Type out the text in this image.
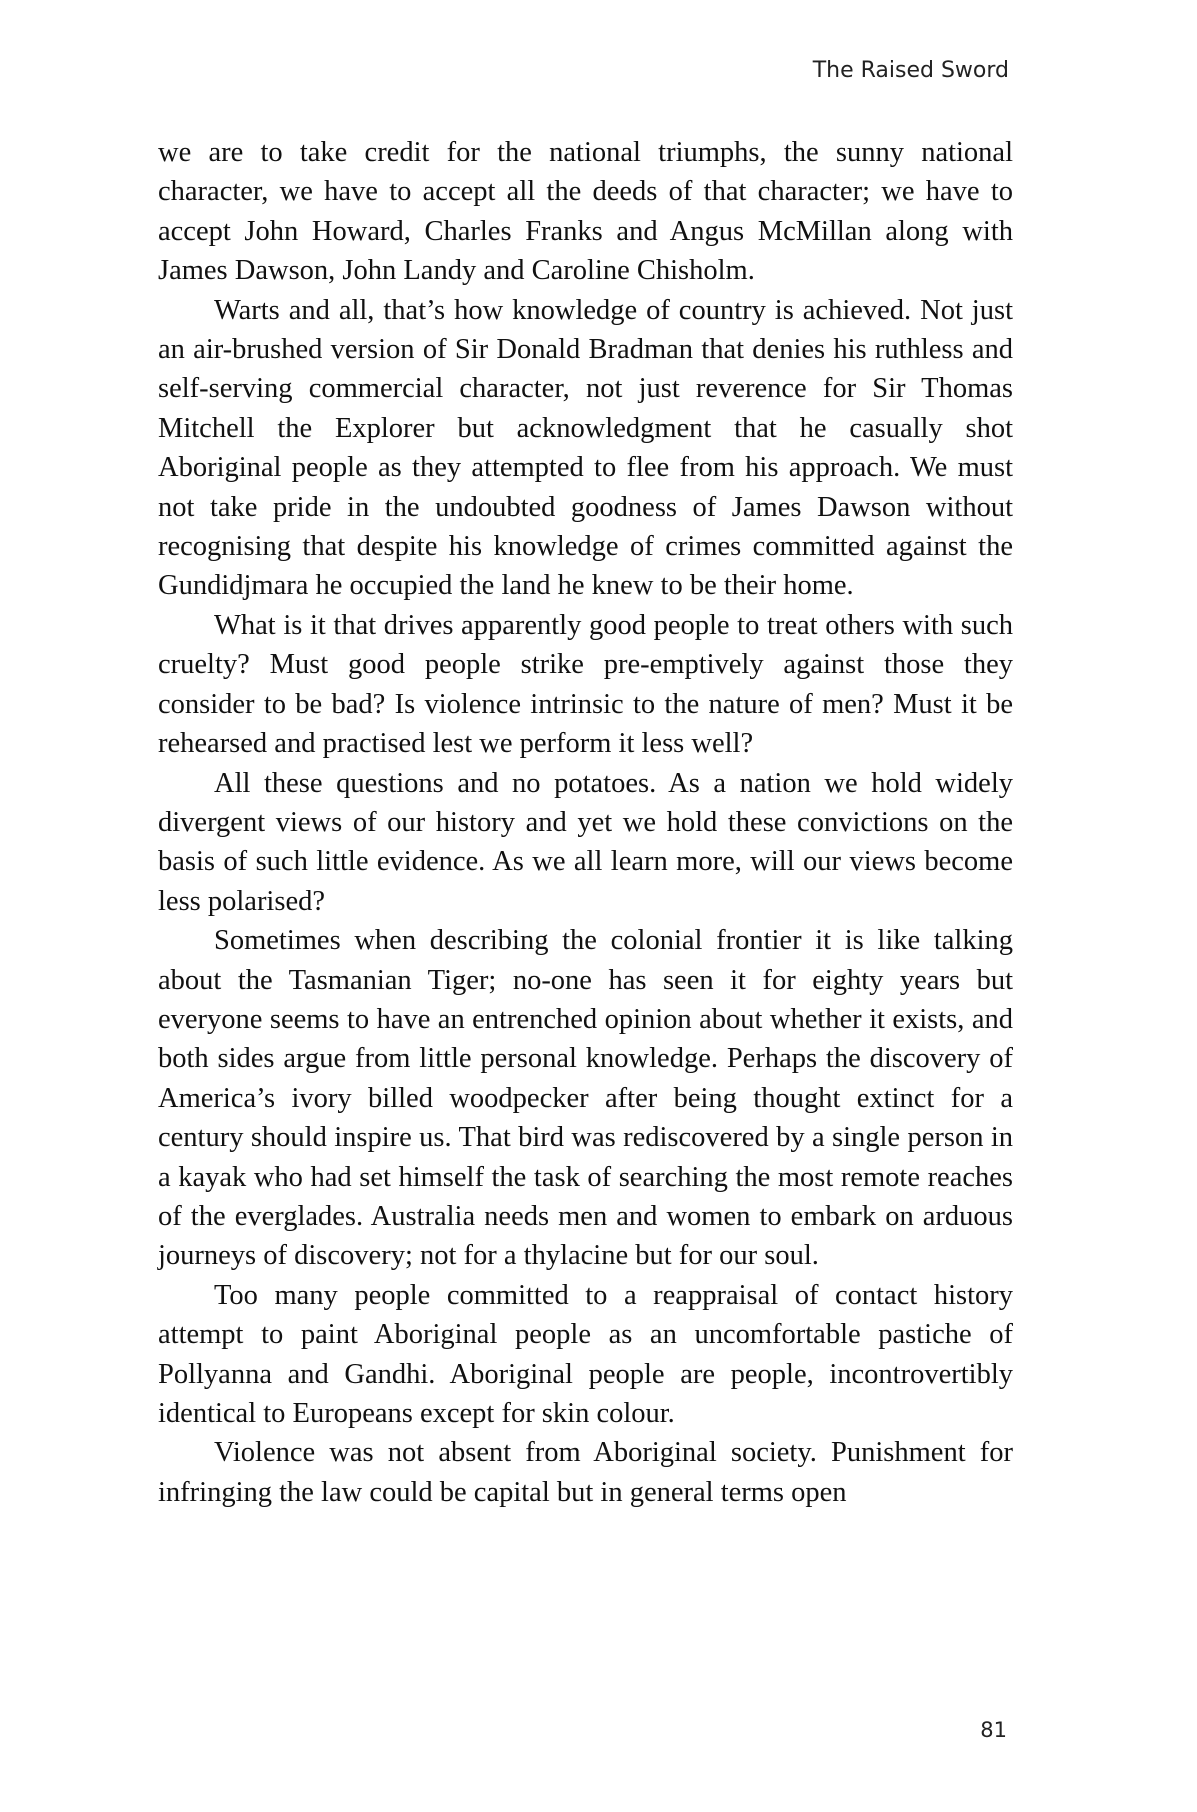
The Raised Sword

we are to take credit for the national triumphs, the sunny national character, we have to accept all the deeds of that character; we have to accept John Howard, Charles Franks and Angus McMillan along with James Dawson, John Landy and Caroline Chisholm.

Warts and all, that’s how knowledge of country is achieved. Not just an air-brushed version of Sir Donald Bradman that denies his ruthless and self-serving commercial character, not just reverence for Sir Thomas Mitchell the Explorer but acknowledgment that he casually shot Aboriginal people as they attempted to flee from his approach. We must not take pride in the undoubted goodness of James Dawson without recognising that despite his knowledge of crimes committed against the Gundidjmara he occupied the land he knew to be their home.

What is it that drives apparently good people to treat others with such cruelty? Must good people strike pre-emptively against those they consider to be bad? Is violence intrinsic to the nature of men? Must it be rehearsed and practised lest we perform it less well?

All these questions and no potatoes. As a nation we hold widely divergent views of our history and yet we hold these convictions on the basis of such little evidence. As we all learn more, will our views become less polarised?

Sometimes when describing the colonial frontier it is like talking about the Tasmanian Tiger; no-one has seen it for eighty years but everyone seems to have an entrenched opinion about whether it exists, and both sides argue from little personal knowledge. Perhaps the discovery of America’s ivory billed woodpecker after being thought extinct for a century should inspire us. That bird was rediscovered by a single person in a kayak who had set himself the task of searching the most remote reaches of the everglades. Australia needs men and women to embark on arduous journeys of discovery; not for a thylacine but for our soul.

Too many people committed to a reappraisal of contact history attempt to paint Aboriginal people as an uncomfortable pastiche of Pollyanna and Gandhi. Aboriginal people are people, incontrovertibly identical to Europeans except for skin colour.

Violence was not absent from Aboriginal society. Punishment for infringing the law could be capital but in general terms open

81
